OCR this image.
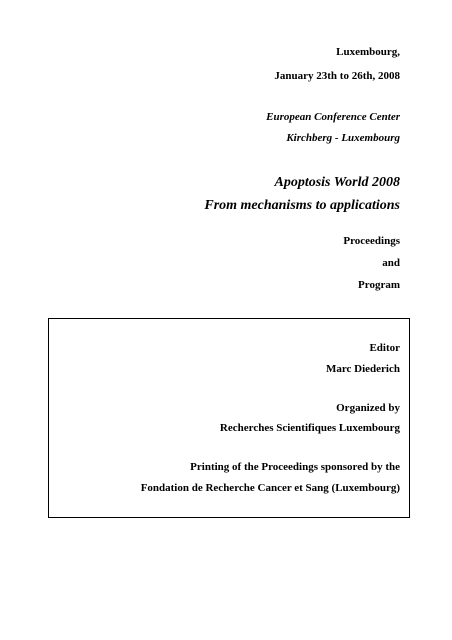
Luxembourg,
January 23th to 26th, 2008
European Conference Center
Kirchberg - Luxembourg
Apoptosis World 2008
From mechanisms to applications
Proceedings
and
Program
Editor
Marc Diederich
Organized by
Recherches Scientifiques Luxembourg
Printing of the Proceedings sponsored by the
Fondation de Recherche Cancer et Sang (Luxembourg)
